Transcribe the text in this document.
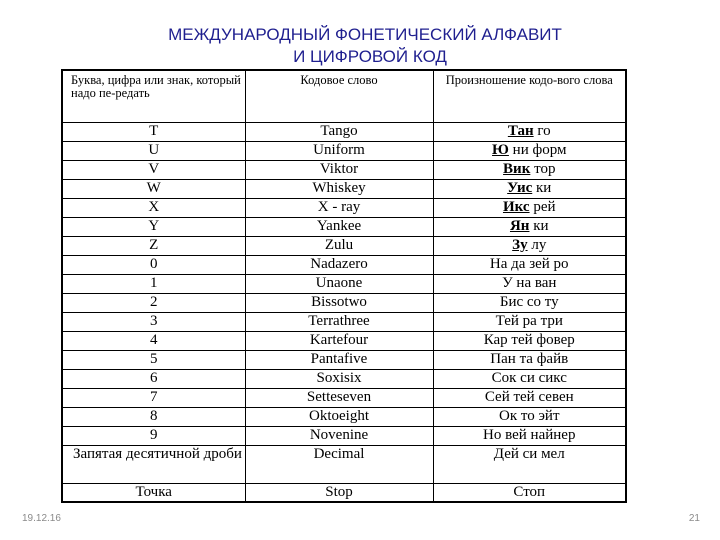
МЕЖДУНАРОДНЫЙ ФОНЕТИЧЕСКИЙ АЛФАВИТ
И ЦИФРОВОЙ КОД
Буква, цифра или знак, который надо пе-редать	Кодовое слово	Произношение кодо-вого слова
T	Tango	Тан го
U	Uniform	Ю ни форм
V	Viktor	Вик тор
W	Whiskey	Уис ки
X	X - ray	Икс рей
Y	Yankee	Ян ки
Z	Zulu	Зу лу
0	Nadazero	На да зей ро
1	Unaone	У на ван
2	Bissotwo	Бис со ту
3	Terrathree	Тей ра три
4	Kartefour	Кар тей фовер
5	Pantafive	Пан та файв
6	Soxisix	Сок си сикс
7	Setteseven	Сей тей севен
8	Oktoeight	Ок то эйт
9	Novenine	Но вей найнер
Запятая десятичной дроби	Decimal	Дей си мел
Точка	Stop	Стоп
19.12.16	21
